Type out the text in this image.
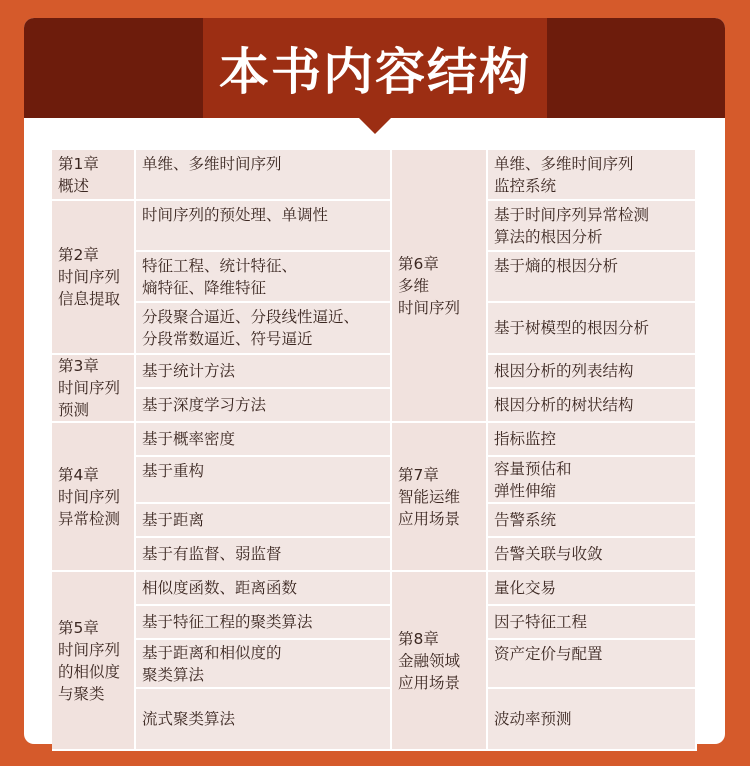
本书内容结构
第1章
概述
单维、多维时间序列
第2章
时间序列
信息提取
时间序列的预处理、单调性
特征工程、统计特征、
熵特征、降维特征
分段聚合逼近、分段线性逼近、
分段常数逼近、符号逼近
第3章
时间序列
预测
基于统计方法
基于深度学习方法
第4章
时间序列
异常检测
基于概率密度
基于重构
基于距离
基于有监督、弱监督
第5章
时间序列
的相似度
与聚类
相似度函数、距离函数
基于特征工程的聚类算法
基于距离和相似度的
聚类算法
流式聚类算法
第6章
多维
时间序列
单维、多维时间序列
监控系统
基于时间序列异常检测
算法的根因分析
基于熵的根因分析
基于树模型的根因分析
根因分析的列表结构
根因分析的树状结构
第7章
智能运维
应用场景
指标监控
容量预估和
弹性伸缩
告警系统
告警关联与收敛
第8章
金融领域
应用场景
量化交易
因子特征工程
资产定价与配置
波动率预测
